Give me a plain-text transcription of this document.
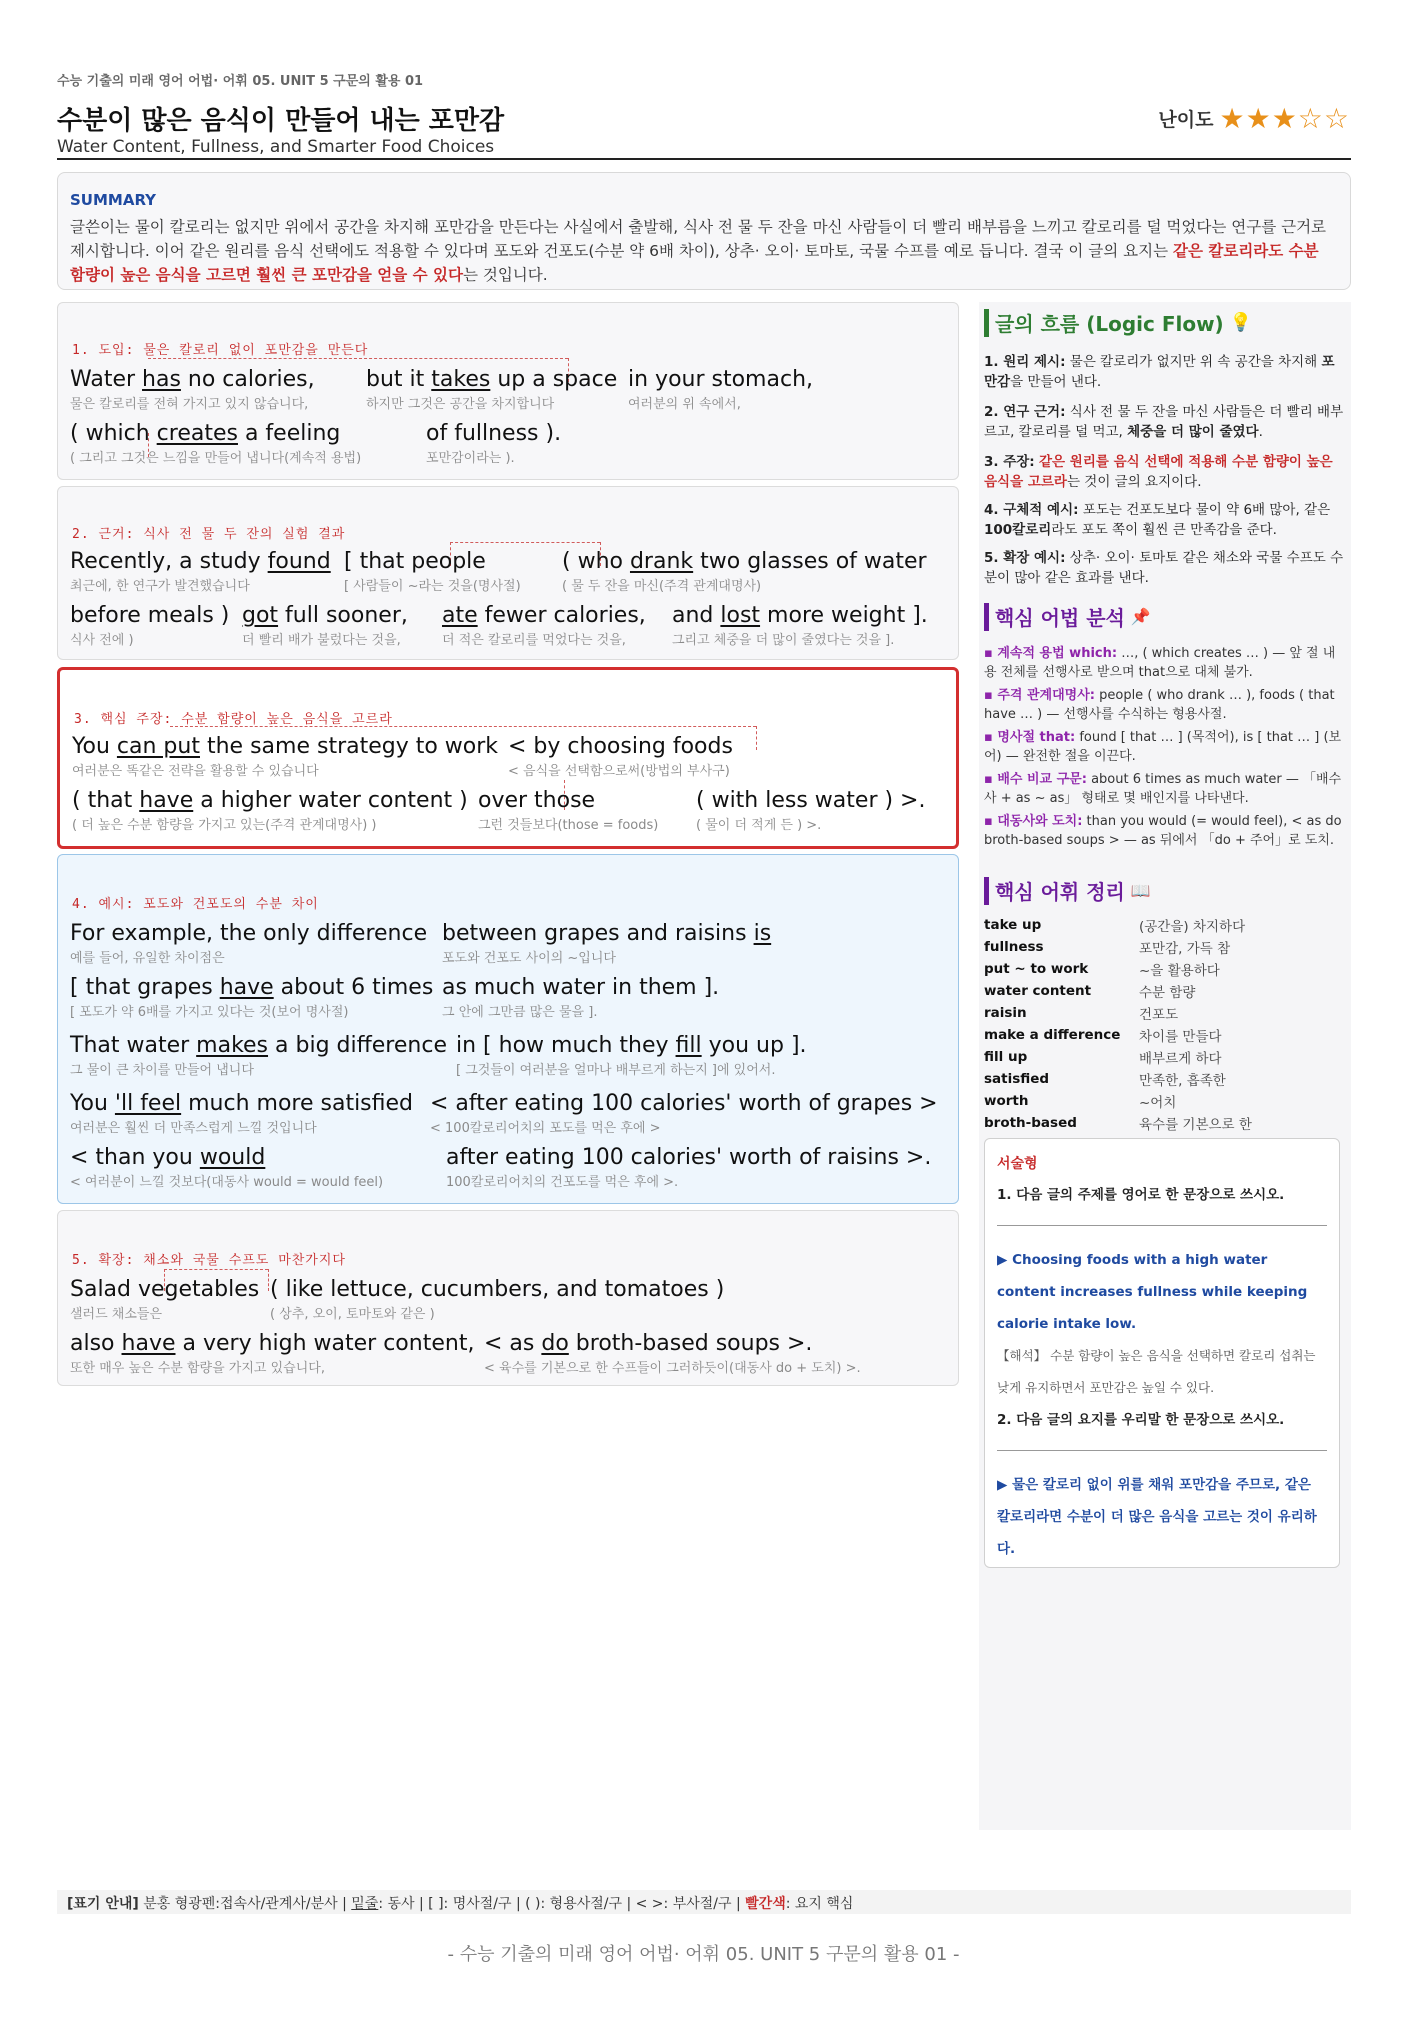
수능 기출의 미래 영어 어법· 어휘 05. UNIT 5 구문의 활용 01
수분이 많은 음식이 만들어 내는 포만감
Water Content, Fullness, and Smarter Food Choices
난이도 ★★★☆☆
SUMMARY
글쓴이는 물이 칼로리는 없지만 위에서 공간을 차지해 포만감을 만든다는 사실에서 출발해, 식사 전 물 두 잔을 마신 사람들이 더 빨리 배부름을 느끼고 칼로리를 덜 먹었다는 연구를 근거로 제시합니다. 이어 같은 원리를 음식 선택에도 적용할 수 있다며 포도와 건포도(수분 약 6배 차이), 상추· 오이· 토마토, 국물 수프를 예로 듭니다. 결국 이 글의 요지는 같은 칼로리라도 수분 함량이 높은 음식을 고르면 훨씬 큰 포만감을 얻을 수 있다는 것입니다.
1. 도입: 물은 칼로리 없이 포만감을 만든다
Water has no calories,
물은 칼로리를 전혀 가지고 있지 않습니다,
but it takes up a space
하지만 그것은 공간을 차지합니다
in your stomach,
여러분의 위 속에서,
( which creates a feeling
( 그리고 그것은 느낌을 만들어 냅니다(계속적 용법)
of fullness ).
포만감이라는 ).
2. 근거: 식사 전 물 두 잔의 실험 결과
Recently, a study found
최근에, 한 연구가 발견했습니다
[ that people
[ 사람들이 ~라는 것을(명사절)
( who drank two glasses of water
( 물 두 잔을 마신(주격 관계대명사)
before meals )
식사 전에 )
got full sooner,
더 빨리 배가 불렀다는 것을,
ate fewer calories,
더 적은 칼로리를 먹었다는 것을,
and lost more weight ].
그리고 체중을 더 많이 줄였다는 것을 ].
3. 핵심 주장: 수분 함량이 높은 음식을 고르라
You can put the same strategy to work
여러분은 똑같은 전략을 활용할 수 있습니다
< by choosing foods
< 음식을 선택함으로써(방법의 부사구)
( that have a higher water content )
( 더 높은 수분 함량을 가지고 있는(주격 관계대명사) )
over those
그런 것들보다(those = foods)
( with less water ) >.
( 물이 더 적게 든 ) >.
4. 예시: 포도와 건포도의 수분 차이
For example, the only difference
예를 들어, 유일한 차이점은
between grapes and raisins is
포도와 건포도 사이의 ~입니다
[ that grapes have about 6 times
[ 포도가 약 6배를 가지고 있다는 것(보어 명사절)
as much water in them ].
그 안에 그만큼 많은 물을 ].
That water makes a big difference
그 물이 큰 차이를 만들어 냅니다
in [ how much they fill you up ].
[ 그것들이 여러분을 얼마나 배부르게 하는지 ]에 있어서.
You 'll feel much more satisfied
여러분은 훨씬 더 만족스럽게 느낄 것입니다
< after eating 100 calories' worth of grapes >
< 100칼로리어치의 포도를 먹은 후에 >
< than you would
< 여러분이 느낄 것보다(대동사 would = would feel)
after eating 100 calories' worth of raisins >.
100칼로리어치의 건포도를 먹은 후에 >.
5. 확장: 채소와 국물 수프도 마찬가지다
Salad vegetables
샐러드 채소들은
( like lettuce, cucumbers, and tomatoes )
( 상추, 오이, 토마토와 같은 )
also have a very high water content,
또한 매우 높은 수분 함량을 가지고 있습니다,
< as do broth-based soups >.
< 육수를 기본으로 한 수프들이 그러하듯이(대동사 do + 도치) >.
글의 흐름 (Logic Flow) 💡
1. 원리 제시: 물은 칼로리가 없지만 위 속 공간을 차지해 포만감을 만들어 낸다.
2. 연구 근거: 식사 전 물 두 잔을 마신 사람들은 더 빨리 배부르고, 칼로리를 덜 먹고, 체중을 더 많이 줄였다.
3. 주장: 같은 원리를 음식 선택에 적용해 수분 함량이 높은 음식을 고르라는 것이 글의 요지이다.
4. 구체적 예시: 포도는 건포도보다 물이 약 6배 많아, 같은 100칼로리라도 포도 쪽이 훨씬 큰 만족감을 준다.
5. 확장 예시: 상추· 오이· 토마토 같은 채소와 국물 수프도 수분이 많아 같은 효과를 낸다.
핵심 어법 분석 📌
▪ 계속적 용법 which: …, ( which creates … ) — 앞 절 내용 전체를 선행사로 받으며 that으로 대체 불가.
▪ 주격 관계대명사: people ( who drank … ), foods ( that have … ) — 선행사를 수식하는 형용사절.
▪ 명사절 that: found [ that … ] (목적어), is [ that … ] (보어) — 완전한 절을 이끈다.
▪ 배수 비교 구문: about 6 times as much water — 「배수사 + as ~ as」 형태로 몇 배인지를 나타낸다.
▪ 대동사와 도치: than you would (= would feel), < as do broth-based soups > — as 뒤에서 「do + 주어」로 도치.
핵심 어휘 정리 📖
take up	(공간을) 차지하다
fullness	포만감, 가득 참
put ~ to work	~을 활용하다
water content	수분 함량
raisin	건포도
make a difference	차이를 만들다
fill up	배부르게 하다
satisfied	만족한, 흡족한
worth	~어치
broth-based	육수를 기본으로 한
서술형
1. 다음 글의 주제를 영어로 한 문장으로 쓰시오.
▶ Choosing foods with a high water content increases fullness while keeping calorie intake low.
【해석】 수분 함량이 높은 음식을 선택하면 칼로리 섭취는 낮게 유지하면서 포만감은 높일 수 있다.
2. 다음 글의 요지를 우리말 한 문장으로 쓰시오.
▶ 물은 칼로리 없이 위를 채워 포만감을 주므로, 같은 칼로리라면 수분이 더 많은 음식을 고르는 것이 유리하다.
[표기 안내] 분홍 형광펜:접속사/관계사/분사 | 밑줄: 동사 | [ ]: 명사절/구 | ( ): 형용사절/구 | < >: 부사절/구 | 빨간색: 요지 핵심
- 수능 기출의 미래 영어 어법· 어휘 05. UNIT 5 구문의 활용 01 -
